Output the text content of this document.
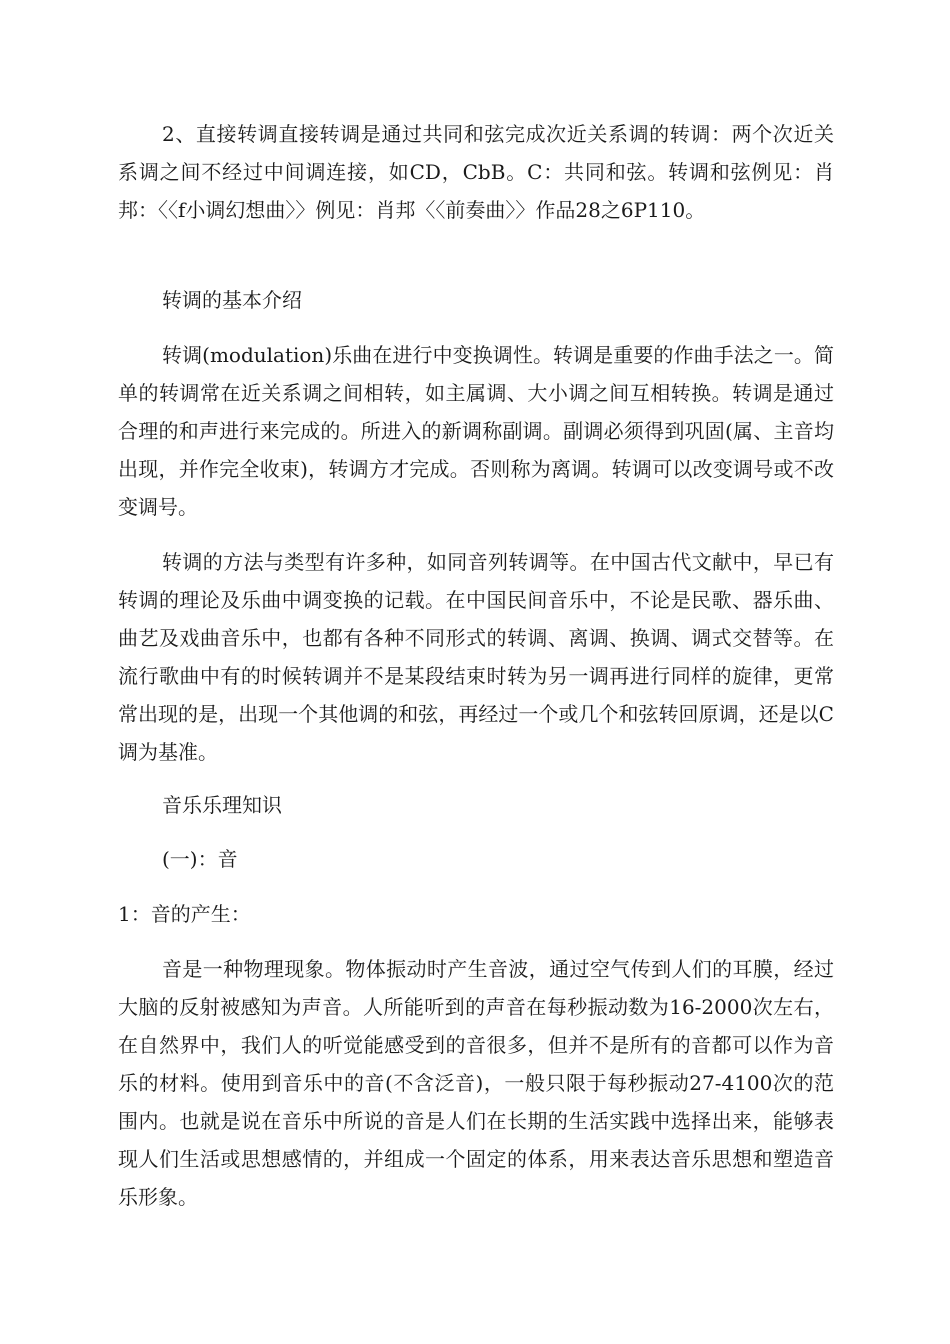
2、直接转调直接转调是通过共同和弦完成次近关系调的转调：两个次近关系调之间不经过中间调连接，如CD，CbB。C：共同和弦。转调和弦例见：肖邦：〈〈f小调幻想曲〉〉例见：肖邦〈〈前奏曲〉〉作品28之6P110。

转调的基本介绍

转调(modulation)乐曲在进行中变换调性。转调是重要的作曲手法之一。简单的转调常在近关系调之间相转，如主属调、大小调之间互相转换。转调是通过合理的和声进行来完成的。所进入的新调称副调。副调必须得到巩固(属、主音均出现，并作完全收束)，转调方才完成。否则称为离调。转调可以改变调号或不改变调号。

转调的方法与类型有许多种，如同音列转调等。在中国古代文献中，早已有转调的理论及乐曲中调变换的记载。在中国民间音乐中，不论是民歌、器乐曲、曲艺及戏曲音乐中，也都有各种不同形式的转调、离调、换调、调式交替等。在流行歌曲中有的时候转调并不是某段结束时转为另一调再进行同样的旋律，更常常出现的是，出现一个其他调的和弦，再经过一个或几个和弦转回原调，还是以C调为基准。

音乐乐理知识

(一)：音

1：音的产生：

音是一种物理现象。物体振动时产生音波，通过空气传到人们的耳膜，经过大脑的反射被感知为声音。人所能听到的声音在每秒振动数为16-2000次左右，在自然界中，我们人的听觉能感受到的音很多，但并不是所有的音都可以作为音乐的材料。使用到音乐中的音(不含泛音)，一般只限于每秒振动27-4100次的范围内。也就是说在音乐中所说的音是人们在长期的生活实践中选择出来，能够表现人们生活或思想感情的，并组成一个固定的体系，用来表达音乐思想和塑造音乐形象。
